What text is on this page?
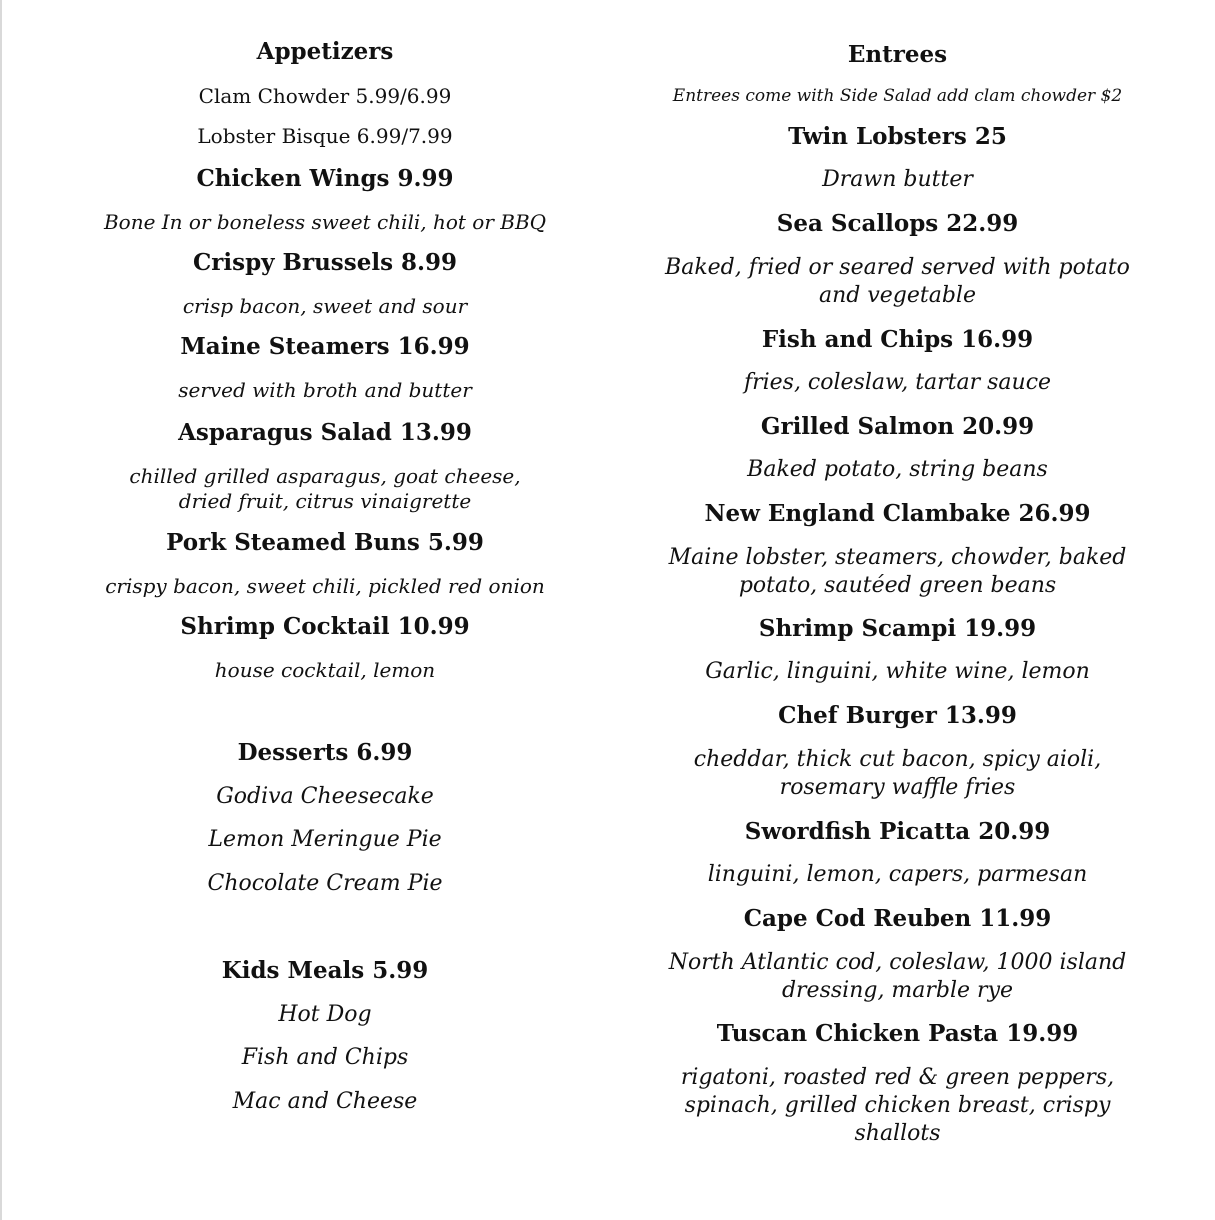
Appetizers
Clam Chowder 5.99/6.99
Lobster Bisque 6.99/7.99
Chicken Wings 9.99
Bone In or boneless sweet chili, hot or BBQ
Crispy Brussels 8.99
crisp bacon, sweet and sour
Maine Steamers 16.99
served with broth and butter
Asparagus Salad 13.99
chilled grilled asparagus, goat cheese, dried fruit, citrus vinaigrette
Pork Steamed Buns 5.99
crispy bacon, sweet chili, pickled red onion
Shrimp Cocktail 10.99
house cocktail, lemon
Desserts 6.99
Godiva Cheesecake
Lemon Meringue Pie
Chocolate Cream Pie
Kids Meals 5.99
Hot Dog
Fish and Chips
Mac and Cheese
Entrees
Entrees come with Side Salad add clam chowder $2
Twin Lobsters 25
Drawn butter
Sea Scallops 22.99
Baked, fried or seared served with potato and vegetable
Fish and Chips 16.99
fries, coleslaw, tartar sauce
Grilled Salmon 20.99
Baked potato, string beans
New England Clambake 26.99
Maine lobster, steamers, chowder, baked potato, sautéed green beans
Shrimp Scampi 19.99
Garlic, linguini, white wine, lemon
Chef Burger 13.99
cheddar, thick cut bacon, spicy aioli, rosemary waffle fries
Swordfish Picatta 20.99
linguini, lemon, capers, parmesan
Cape Cod Reuben 11.99
North Atlantic cod, coleslaw, 1000 island dressing, marble rye
Tuscan Chicken Pasta 19.99
rigatoni, roasted red & green peppers, spinach, grilled chicken breast, crispy shallots
